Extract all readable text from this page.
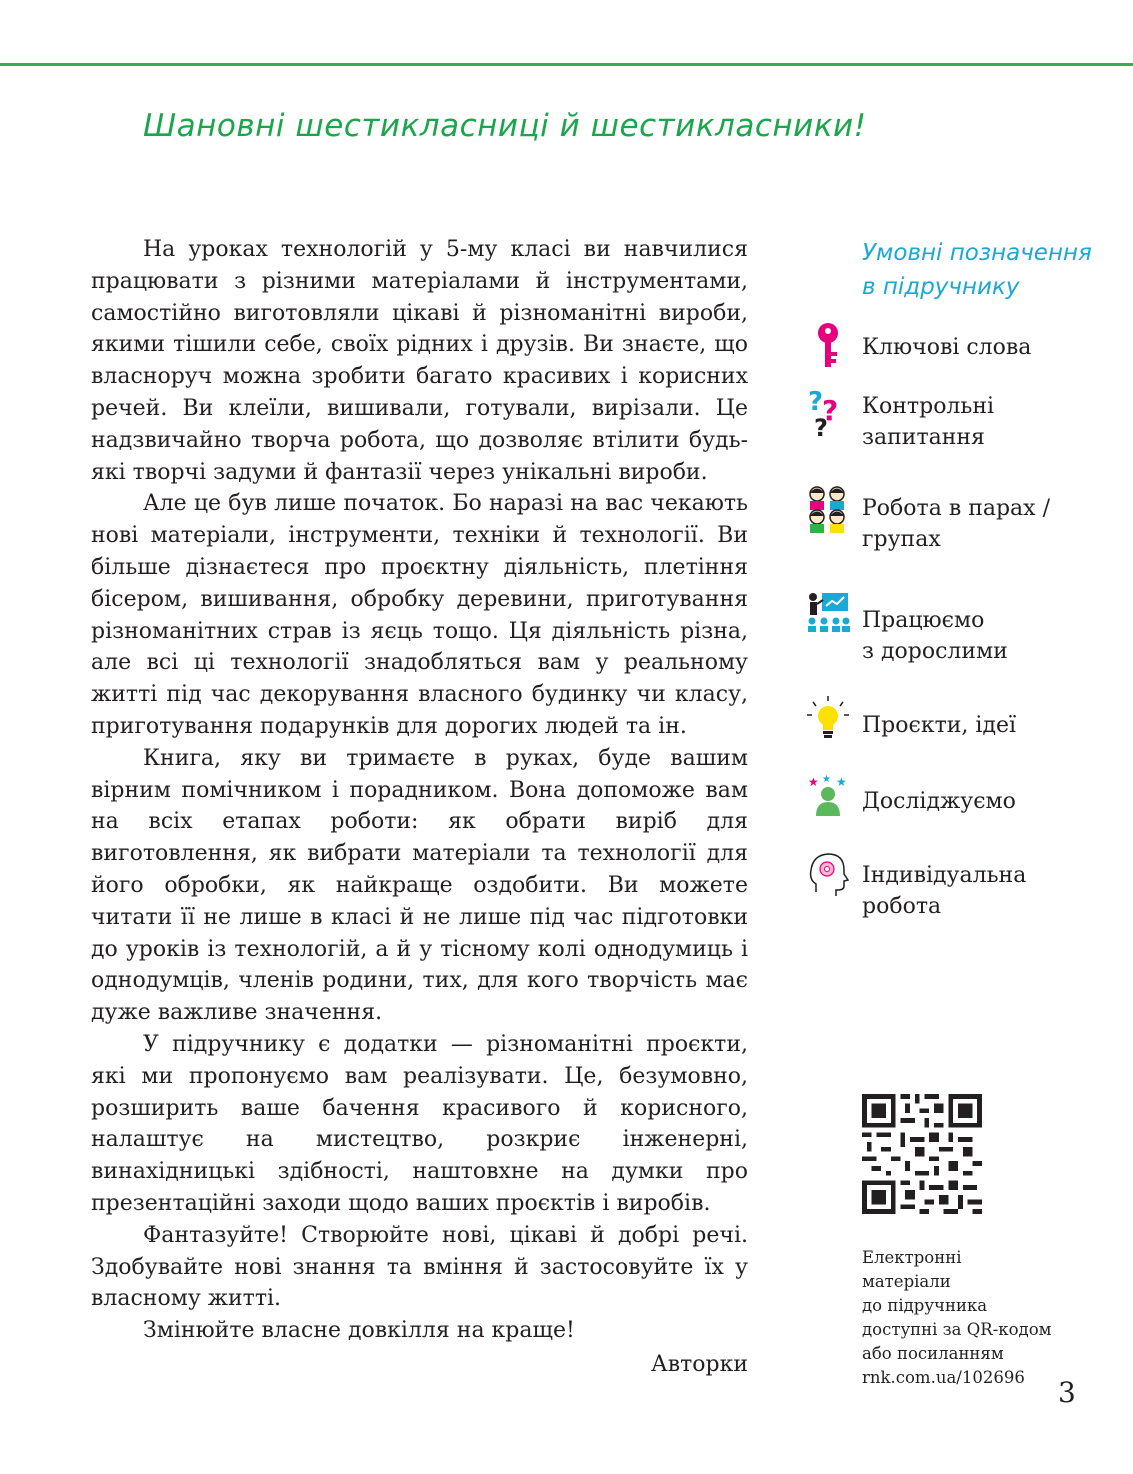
Шановні шестикласниці й шестикласники!

На уроках технологій у 5-му класі ви навчилися працювати з різними матеріалами й інструментами, самостійно виготовляли цікаві й різноманітні вироби, якими тішили себе, своїх рідних і друзів. Ви знаєте, що власноруч можна зробити багато красивих і корисних речей. Ви клеїли, вишивали, готували, вирізали. Це надзвичайно творча робота, що дозволяє втілити будь-які творчі задуми й фантазії через унікальні вироби.

Але це був лише початок. Бо наразі на вас чекають нові матеріали, інструменти, техніки й технології. Ви більше дізнаєтеся про проєктну діяльність, плетіння бісером, вишивання, обробку деревини, приготування різноманітних страв із яєць тощо. Ця діяльність різна, але всі ці технології знадобляться вам у реальному житті під час декорування власного будинку чи класу, приготування подарунків для дорогих людей та ін.

Книга, яку ви тримаєте в руках, буде вашим вірним помічником і порадником. Вона допоможе вам на всіх етапах роботи: як обрати виріб для виготовлення, як вибрати матеріали та технології для його обробки, як найкраще оздобити. Ви можете читати її не лише в класі й не лише під час підготовки до уроків із технологій, а й у тісному колі однодумиць і однодумців, членів родини, тих, для кого творчість має дуже важливе значення.

У підручнику є додатки — різноманітні проєкти, які ми пропонуємо вам реалізувати. Це, безумовно, розширить ваше бачення красивого й корисного, налаштує на мистецтво, розкриє інженерні, винахідницькі здібності, наштовхне на думки про презентаційні заходи щодо ваших проєктів і виробів.

Фантазуйте! Створюйте нові, цікаві й добрі речі. Здобувайте нові знання та вміння й застосовуйте їх у власному житті.

Змінюйте власне довкілля на краще!

Авторки
Умовні позначення
в підручнику
Ключові слова
?
?
?
Контрольні
запитання
Робота в парах /
групах
Працюємо
з дорослими
Проєкти, ідеї
★ ★ ★
Досліджуємо
Індивідуальна
робота
Електронні
матеріали
до підручника
доступні за QR-кодом
або посиланням
rnk.com.ua/102696	3
